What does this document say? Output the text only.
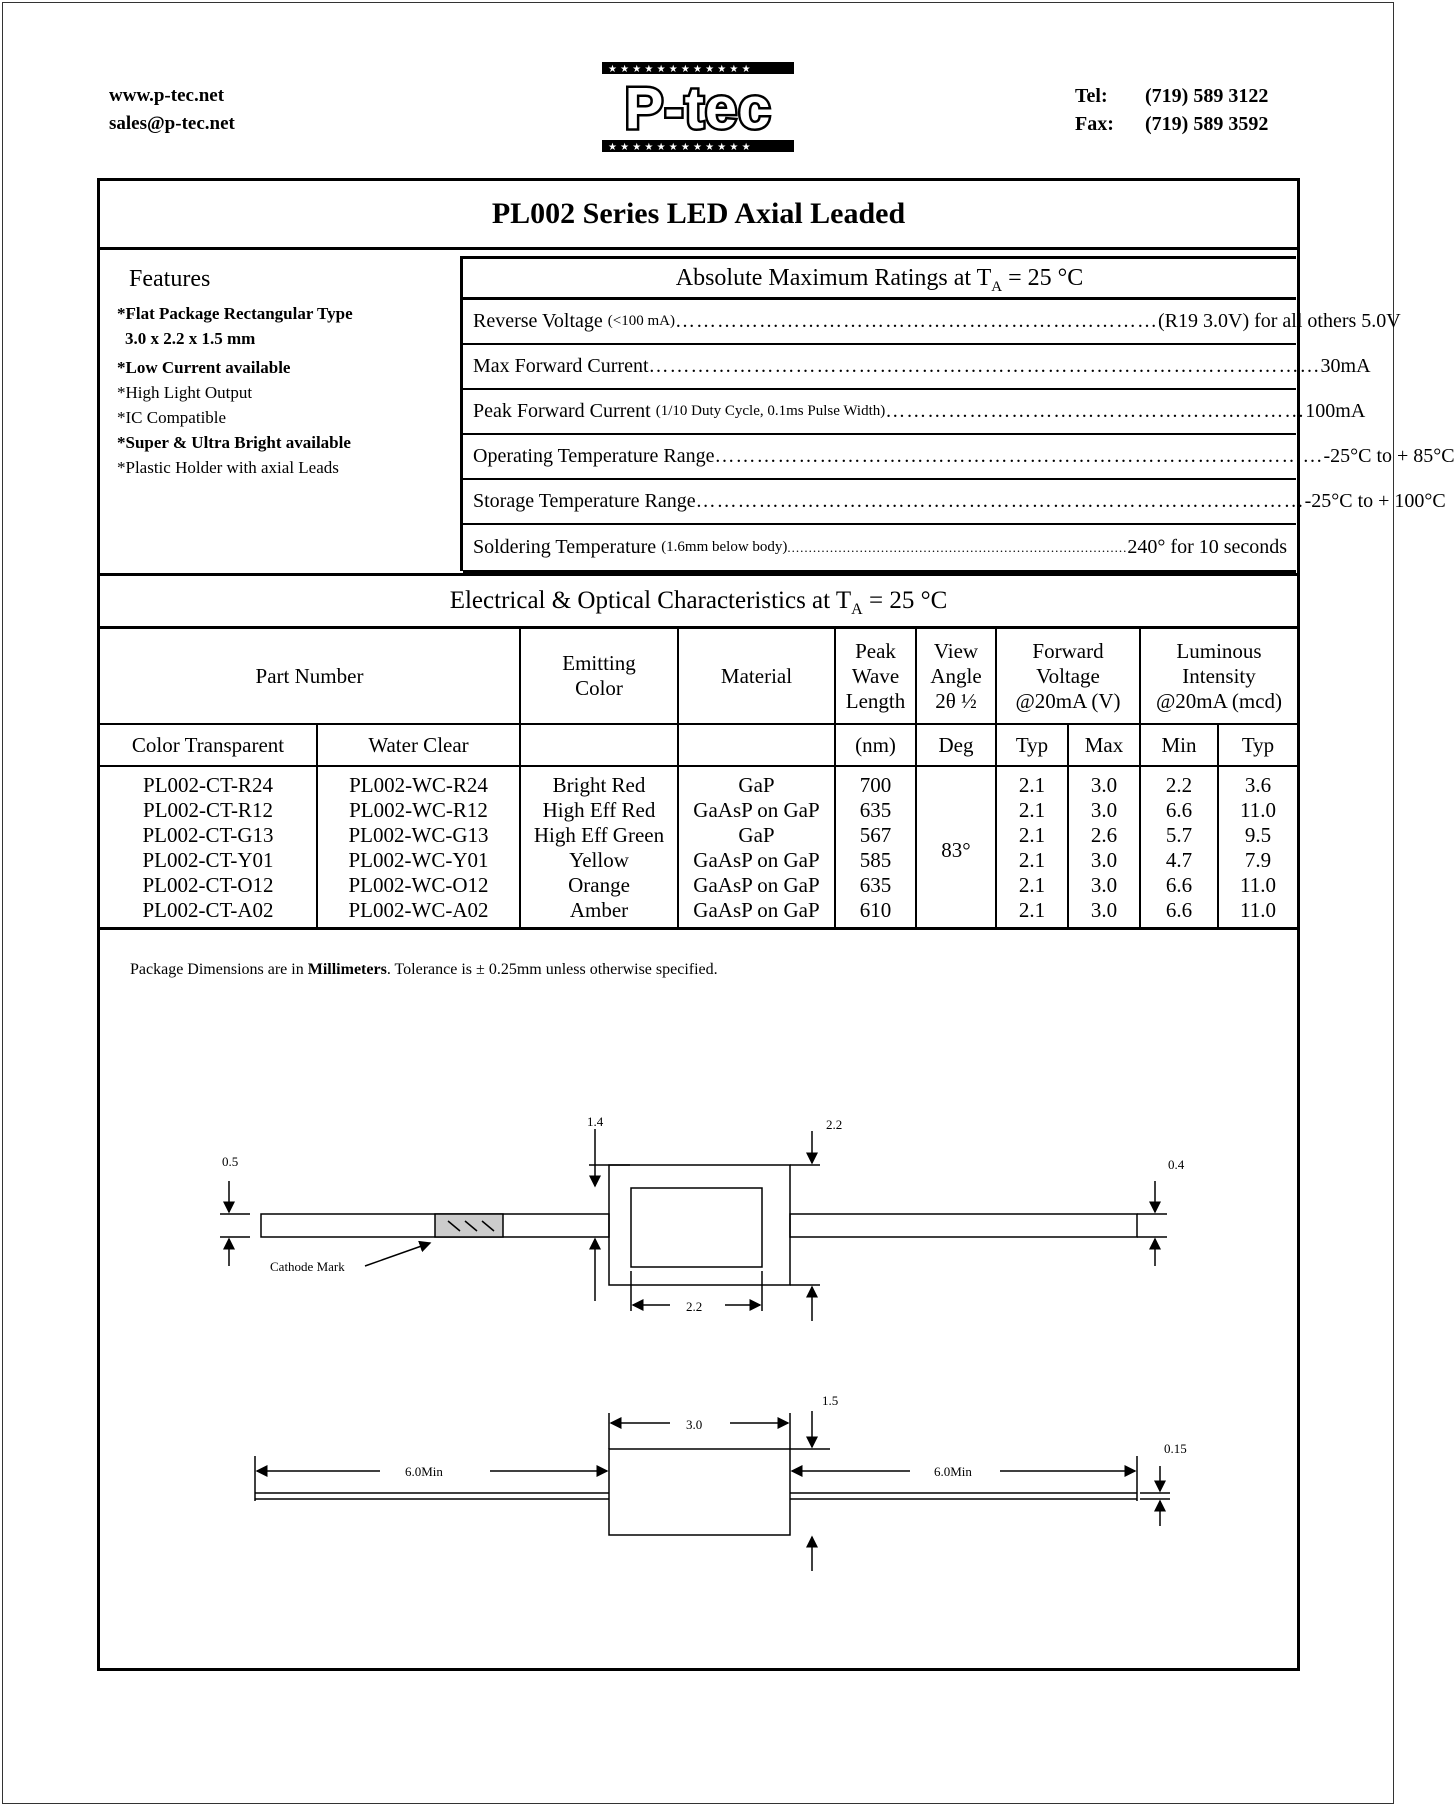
www.p-tec.net
sales@p-tec.net
★ ★ ★ ★ ★ ★ ★ ★ ★ ★ ★ ★
★ ★ ★ ★ ★ ★ ★ ★ ★ ★ ★ ★
P-tec	Tel: (719) 589 3122
Fax: (719) 589 3592
PL002 Series LED Axial Leaded
Features
*Flat Package Rectangular Type
3.0 x 2.2 x 1.5 mm
*Low Current available
*High Light Output
*IC Compatible
*Super & Ultra Bright available
*Plastic Holder with axial Leads
Absolute Maximum Ratings at $T_A = 25$ °C
Reverse Voltage
(<100 mA) …………………………………………………………… (R19 3.0V) for all others 5.0V
Max Forward Current …………………………………………………………………………………… 30mA
Peak Forward Current
(1/10 Duty Cycle, 0.1ms Pulse Width) …………………………………………………… 100mA
Operating Temperature Range …………………………………………………………………………… -25°C to + 85°C
Storage Temperature Range …………………………………………………………………………… -25°C to + 100°C
Soldering Temperature
(1.6mm below body) ................................................................................ 240° for 10 seconds
Electrical & Optical Characteristics at $T_A = 25$ °C
Part Number		Emitting
Color	Material	Peak
Wave
Length	View
Angle
2θ ½	Forward
Voltage
@20mA (V)		Luminous
Intensity
@20mA (mcd)	
Color Transparent	Water Clear			(nm)	Deg	Typ	Max	Min	Typ
PL002-CT-R24	PL002-WC-R24	Bright Red	GaP	700	83°	2.1	3.0	2.2	3.6
PL002-CT-R12	PL002-WC-R12	High Eff Red	GaAsP on GaP	635		2.1	3.0	6.6	11.0
PL002-CT-G13	PL002-WC-G13	High Eff Green	GaP	567		2.1	2.6	5.7	9.5
PL002-CT-Y01	PL002-WC-Y01	Yellow	GaAsP on GaP	585		2.1	3.0	4.7	7.9
PL002-CT-O12	PL002-WC-O12	Orange	GaAsP on GaP	635		2.1	3.0	6.6	11.0
PL002-CT-A02	PL002-WC-A02	Amber	GaAsP on GaP	610		2.1	3.0	6.6	11.0
Package Dimensions are in Millimeters. Tolerance is ± 0.25mm unless otherwise specified.
0.5
1.4	2.2
0.4
Cathode Mark
2.2
3.0
1.5
6.0Min	6.0Min
0.15
